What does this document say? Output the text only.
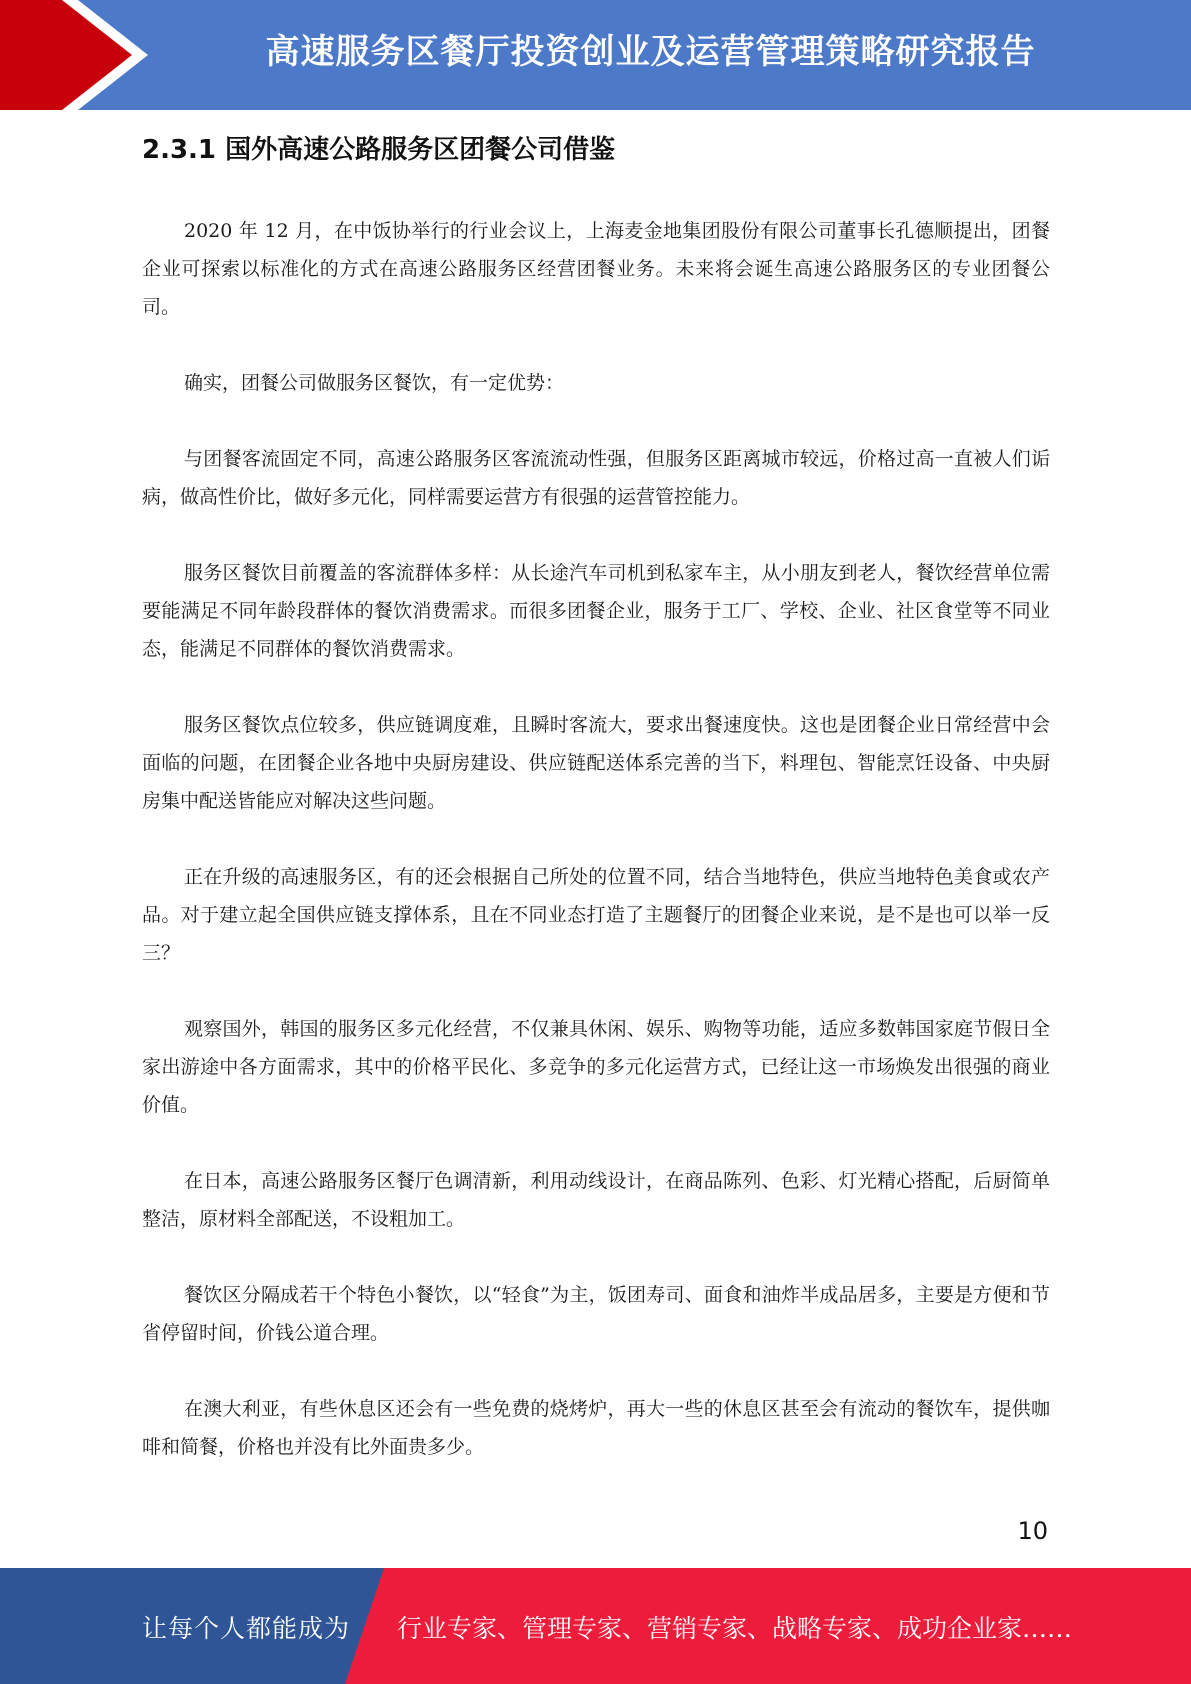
高速服务区餐厅投资创业及运营管理策略研究报告
2.3.1 国外高速公路服务区团餐公司借鉴

2020 年 12 月，在中饭协举行的行业会议上，上海麦金地集团股份有限公司董事长孔德顺提出，团餐企业可探索以标准化的方式在高速公路服务区经营团餐业务。未来将会诞生高速公路服务区的专业团餐公司。

确实，团餐公司做服务区餐饮，有一定优势：

与团餐客流固定不同，高速公路服务区客流流动性强，但服务区距离城市较远，价格过高一直被人们诟病，做高性价比，做好多元化，同样需要运营方有很强的运营管控能力。

服务区餐饮目前覆盖的客流群体多样：从长途汽车司机到私家车主，从小朋友到老人，餐饮经营单位需要能满足不同年龄段群体的餐饮消费需求。而很多团餐企业，服务于工厂、学校、企业、社区食堂等不同业态，能满足不同群体的餐饮消费需求。

服务区餐饮点位较多，供应链调度难，且瞬时客流大，要求出餐速度快。这也是团餐企业日常经营中会面临的问题，在团餐企业各地中央厨房建设、供应链配送体系完善的当下，料理包、智能烹饪设备、中央厨房集中配送皆能应对解决这些问题。

正在升级的高速服务区，有的还会根据自己所处的位置不同，结合当地特色，供应当地特色美食或农产品。对于建立起全国供应链支撑体系，且在不同业态打造了主题餐厅的团餐企业来说，是不是也可以举一反三？

观察国外，韩国的服务区多元化经营，不仅兼具休闲、娱乐、购物等功能，适应多数韩国家庭节假日全家出游途中各方面需求，其中的价格平民化、多竞争的多元化运营方式，已经让这一市场焕发出很强的商业价值。

在日本，高速公路服务区餐厅色调清新，利用动线设计，在商品陈列、色彩、灯光精心搭配，后厨简单整洁，原材料全部配送，不设粗加工。

餐饮区分隔成若干个特色小餐饮，以“轻食”为主，饭团寿司、面食和油炸半成品居多，主要是方便和节省停留时间，价钱公道合理。

在澳大利亚，有些休息区还会有一些免费的烧烤炉，再大一些的休息区甚至会有流动的餐饮车，提供咖啡和简餐，价格也并没有比外面贵多少。

10
让每个人都能成为 行业专家、管理专家、营销专家、战略专家、成功企业家……
